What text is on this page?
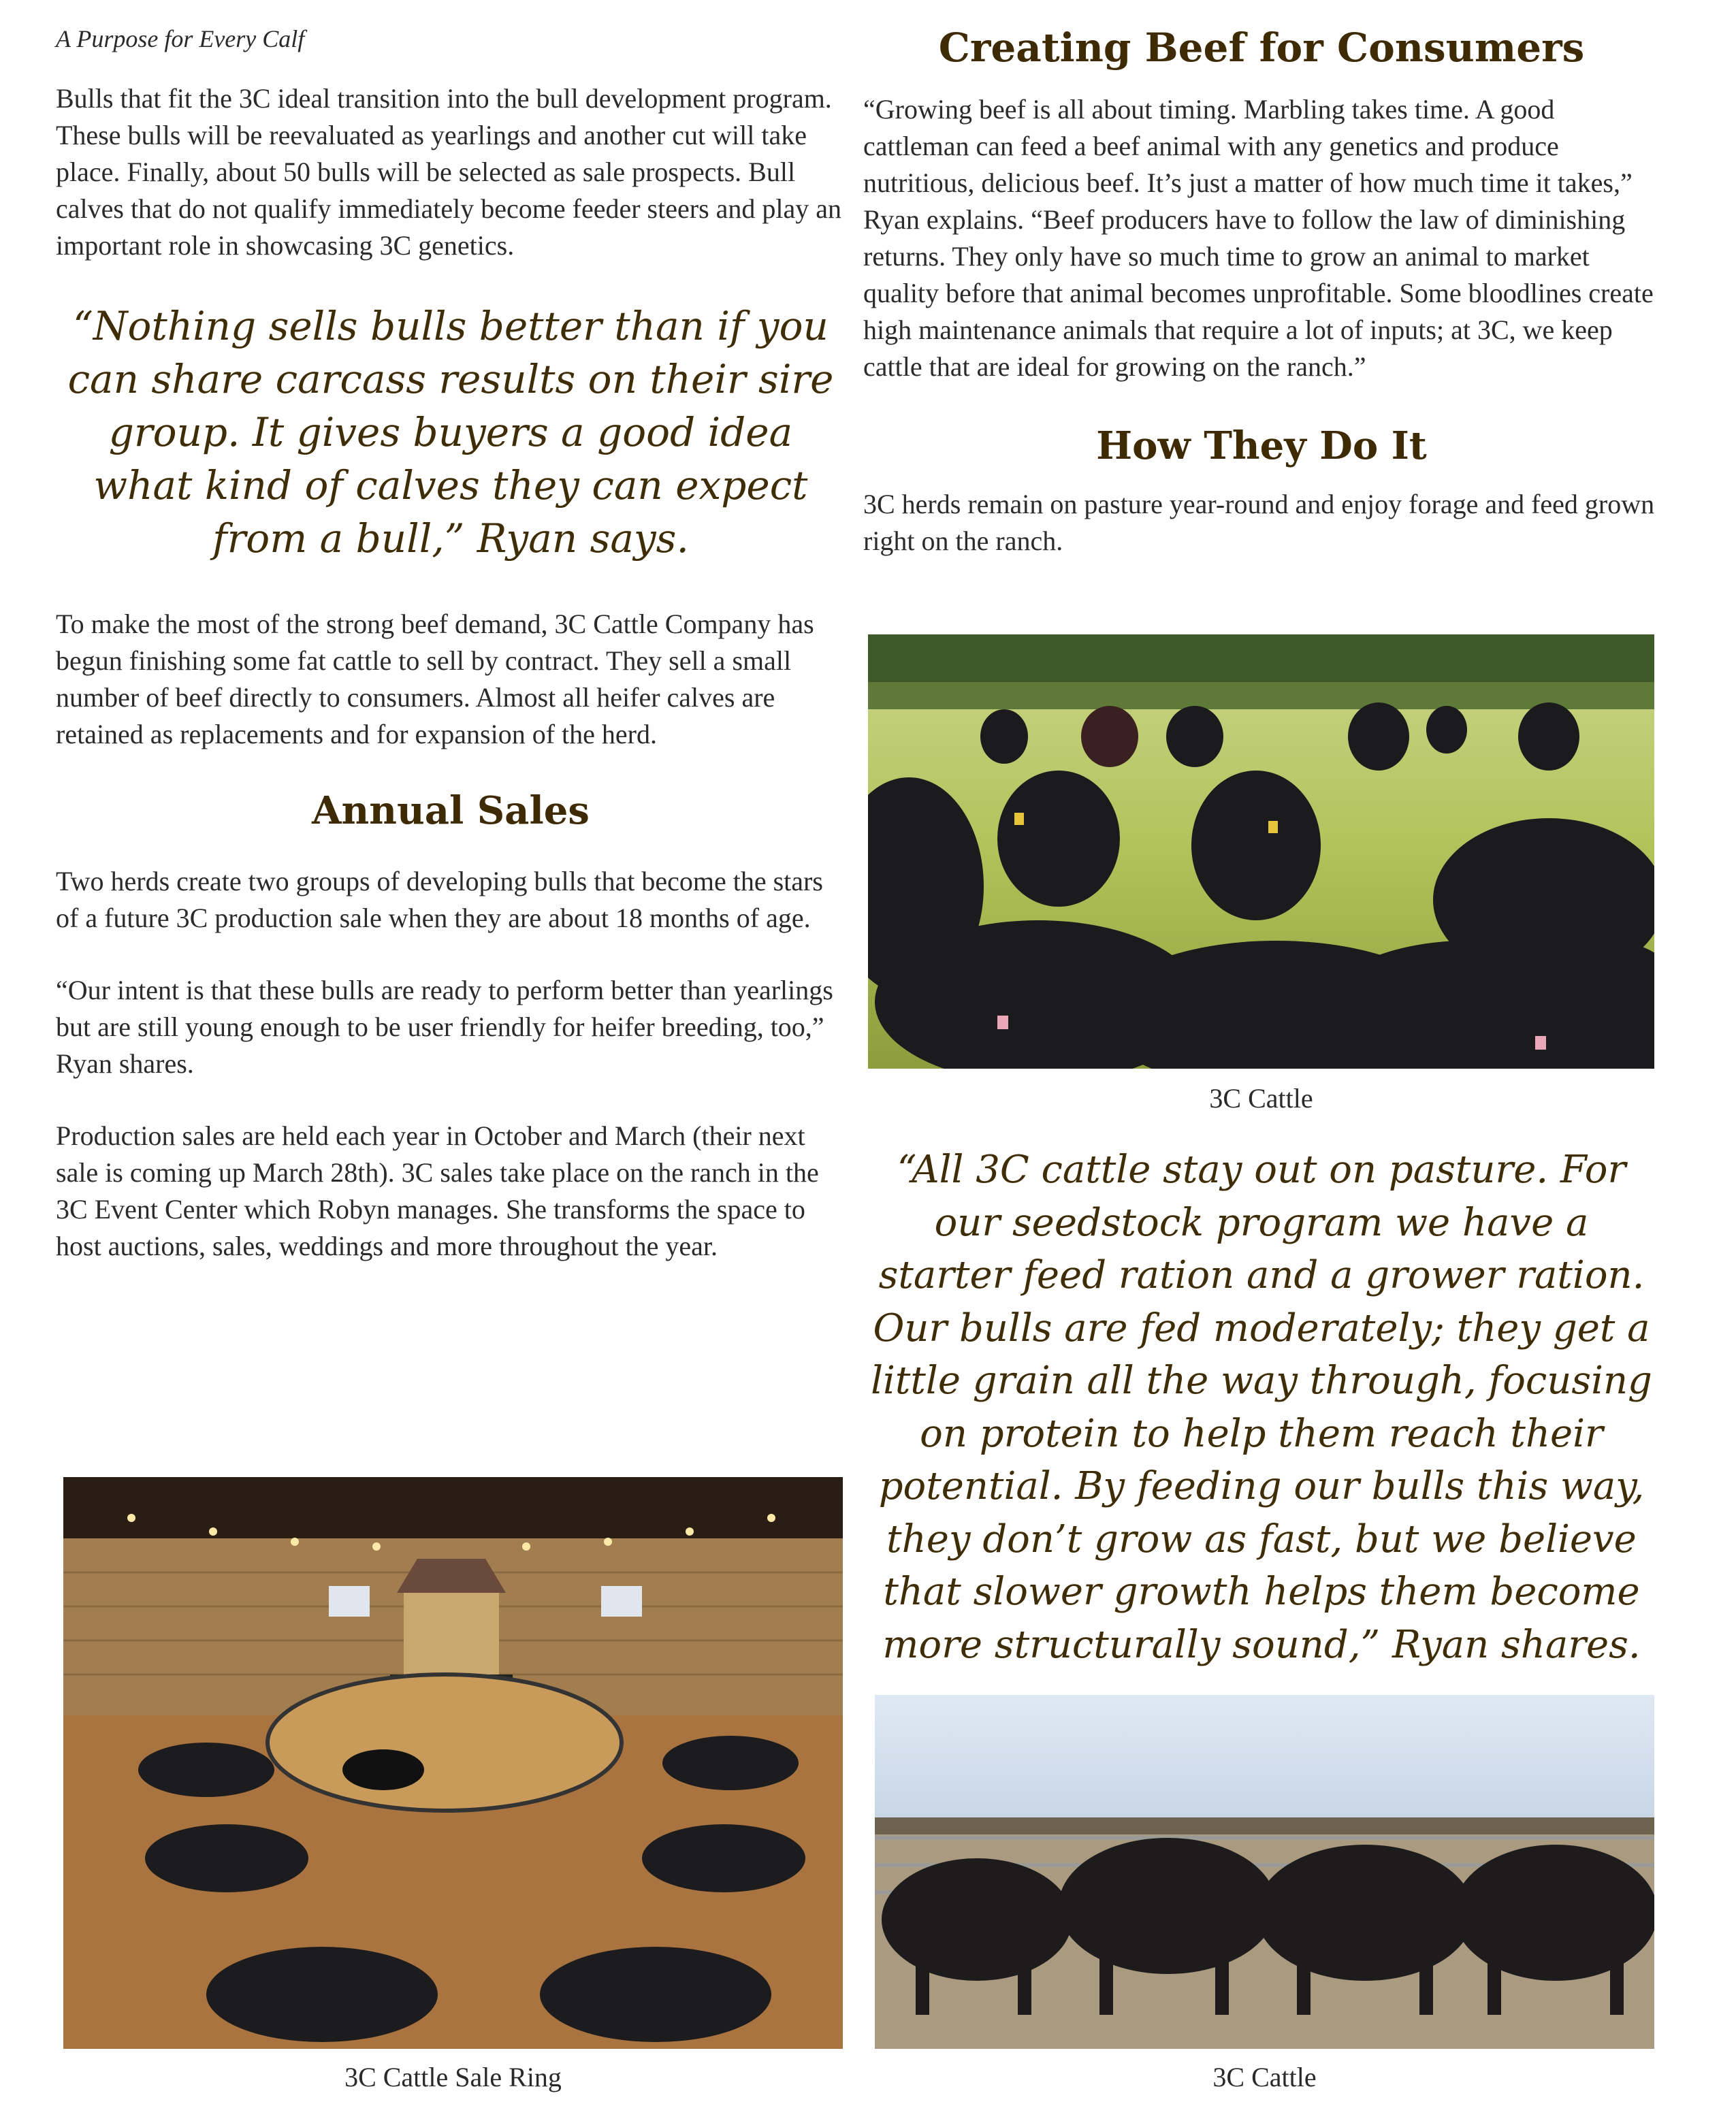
A Purpose for Every Calf

Bulls that fit the 3C ideal transition into the bull development program. These bulls will be reevaluated as yearlings and another cut will take place. Finally, about 50 bulls will be selected as sale prospects. Bull calves that do not qualify immediately become feeder steers and play an important role in showcasing 3C genetics.

“Nothing sells bulls better than if you can share carcass results on their sire group. It gives buyers a good idea what kind of calves they can expect from a bull,” Ryan says.

To make the most of the strong beef demand, 3C Cattle Company has begun finishing some fat cattle to sell by contract. They sell a small number of beef directly to consumers. Almost all heifer calves are retained as replacements and for expansion of the herd.

Annual Sales

Two herds create two groups of developing bulls that become the stars of a future 3C production sale when they are about 18 months of age.

“Our intent is that these bulls are ready to perform better than yearlings but are still young enough to be user friendly for heifer breeding, too,” Ryan shares.

Production sales are held each year in October and March (their next sale is coming up March 28th). 3C sales take place on the ranch in the 3C Event Center which Robyn manages. She transforms the space to host auctions, sales, weddings and more throughout the year.

Creating Beef for Consumers

“Growing beef is all about timing. Marbling takes time. A good cattleman can feed a beef animal with any genetics and produce nutritious, delicious beef. It’s just a matter of how much time it takes,” Ryan explains. “Beef producers have to follow the law of diminishing returns. They only have so much time to grow an animal to market quality before that animal becomes unprofitable. Some bloodlines create high maintenance animals that require a lot of inputs; at 3C, we keep cattle that are ideal for growing on the ranch.”

How They Do It

3C herds remain on pasture year-round and enjoy forage and feed grown right on the ranch.

3C Cattle

“All 3C cattle stay out on pasture. For our seedstock program we have a starter feed ration and a grower ration. Our bulls are fed moderately; they get a little grain all the way through, focusing on protein to help them reach their potential. By feeding our bulls this way, they don’t grow as fast, but we believe that slower growth helps them become more structurally sound,” Ryan shares.

3C Cattle Sale Ring	3C Cattle
